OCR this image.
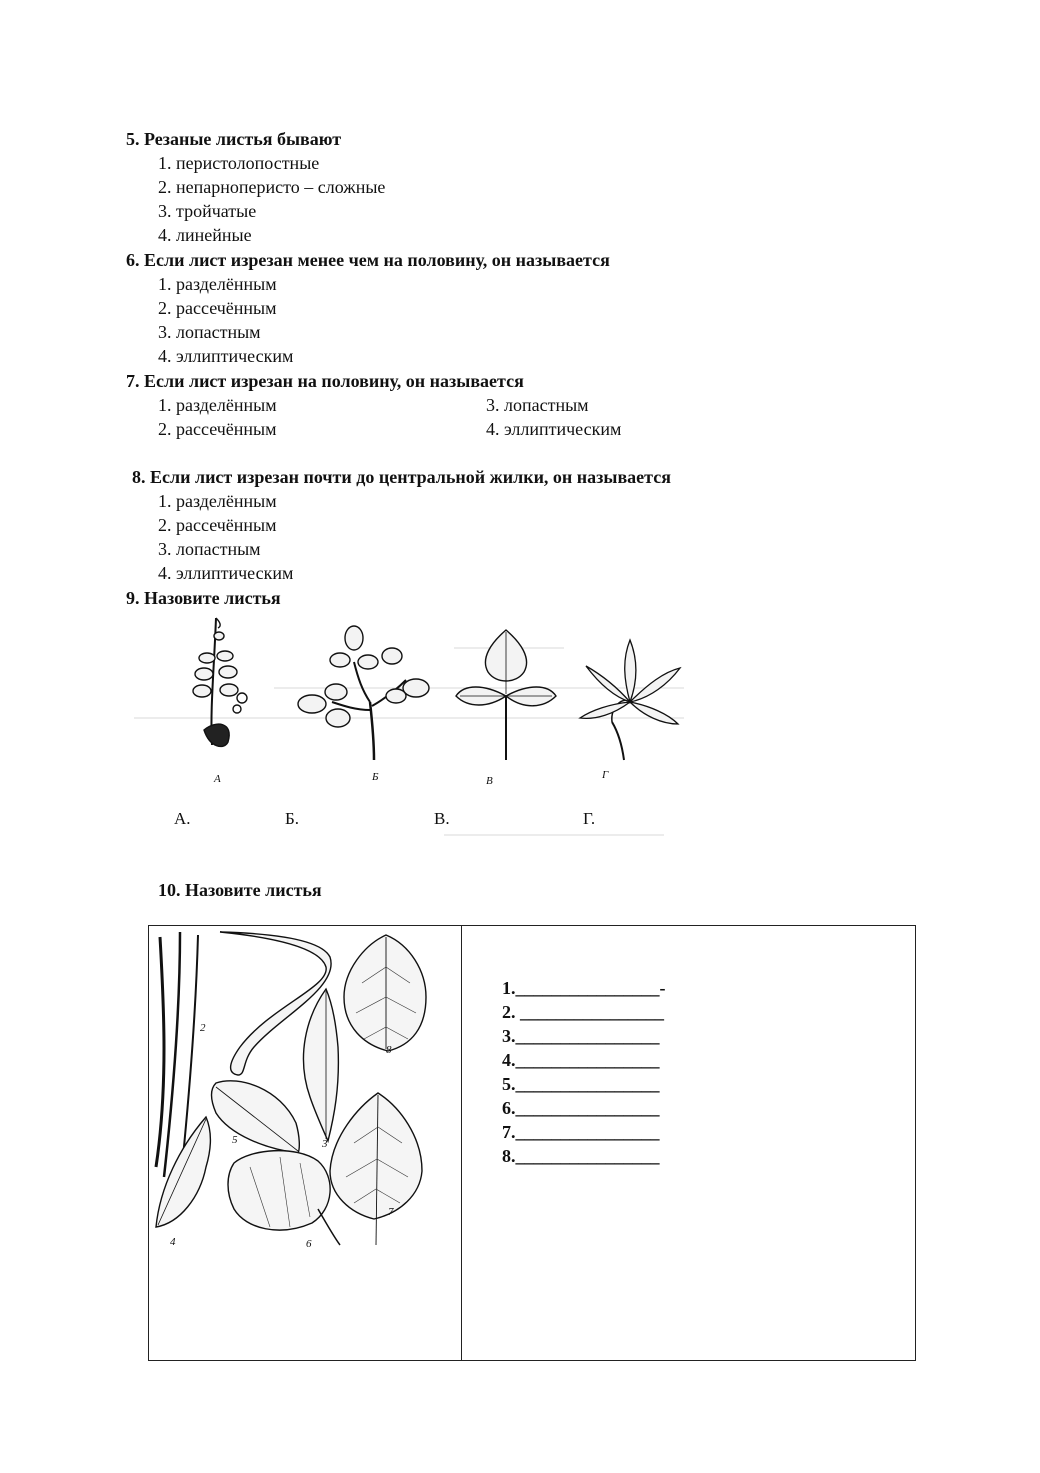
5. Резаные листья бывают
1. перистолопостные
2. непарноперисто – сложные
3. тройчатые
4. линейные
6. Если лист изрезан менее чем на половину, он называется
1. разделённым
2. рассечённым
3. лопастным
4. эллиптическим
7. Если лист изрезан на половину, он называется
1. разделённым
2. рассечённым
3. лопастным
4. эллиптическим
8. Если лист изрезан почти до центральной жилки, он называется
1. разделённым
2. рассечённым
3. лопастным
4. эллиптическим
9. Назовите листья
А	Б	В	Г
А.	Б.	В.	Г.
10. Назовите листья
2
3
4
5
6
7
8
1.________________-
2. ________________
3.________________
4.________________
5.________________
6.________________
7.________________
8.________________
